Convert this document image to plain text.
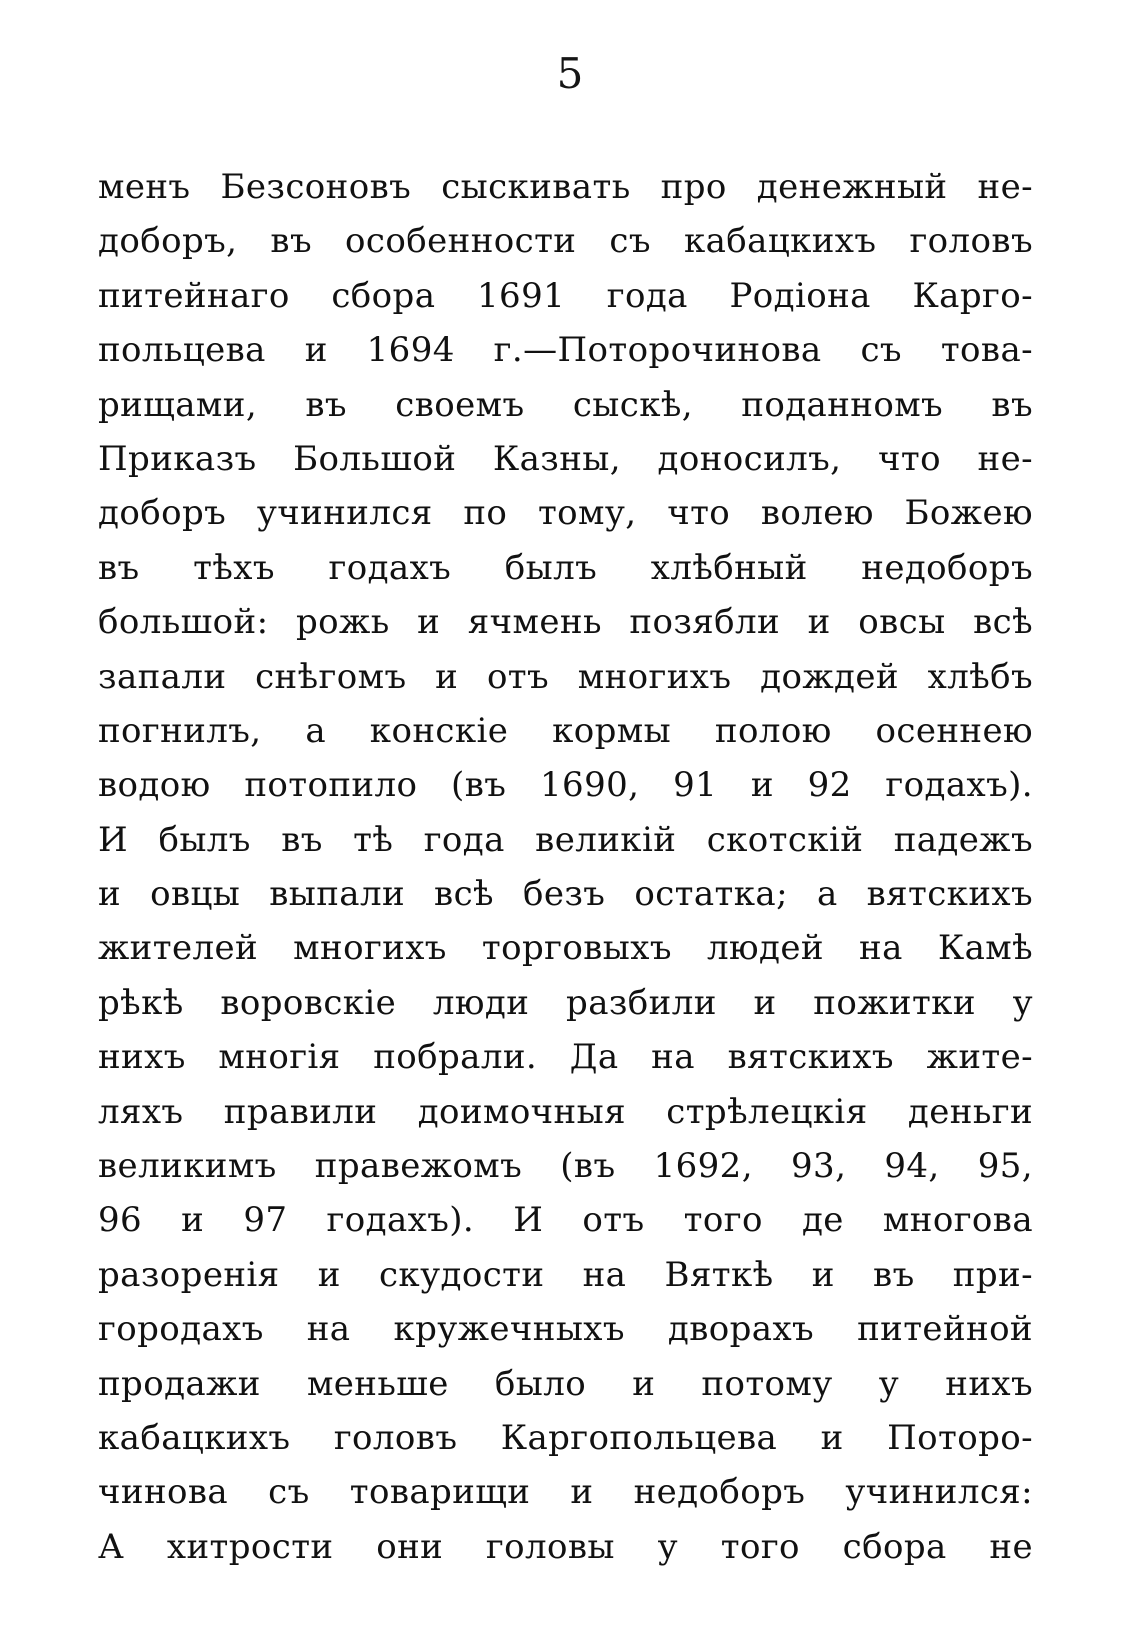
5
менъ Безсоновъ сыскивать про денежный не-
доборъ, въ особенности съ кабацкихъ головъ
питейнаго сбора 1691 года Родiона Карго-
польцева и 1694 г.—Поторочинова съ това-
рищами, въ своемъ сыскѣ, поданномъ въ
Приказъ Большой Казны, доносилъ, что не-
доборъ учинился по тому, что волею Божею
въ тѣхъ годахъ былъ хлѣбный недоборъ
большой: рожь и ячмень позябли и овсы всѣ
запали снѣгомъ и отъ многихъ дождей хлѣбъ
погнилъ, а конскiе кормы полою осеннею
водою потопило (въ 1690, 91 и 92 годахъ).
И былъ въ тѣ года великiй скотскiй падежъ
и овцы выпали всѣ безъ остатка; а вятскихъ
жителей многихъ торговыхъ людей на Камѣ
рѣкѣ воровскiе люди разбили и пожитки у
нихъ многiя побрали. Да на вятскихъ жите-
ляхъ правили доимочныя стрѣлецкiя деньги
великимъ правежомъ (въ 1692, 93, 94, 95,
96 и 97 годахъ). И отъ того де многова
разоренiя и скудости на Вяткѣ и въ при-
городахъ на кружечныхъ дворахъ питейной
продажи меньше было и потому у нихъ
кабацкихъ головъ Каргопольцева и Поторо-
чинова съ товарищи и недоборъ учинился:
А хитрости они головы у того сбора не
